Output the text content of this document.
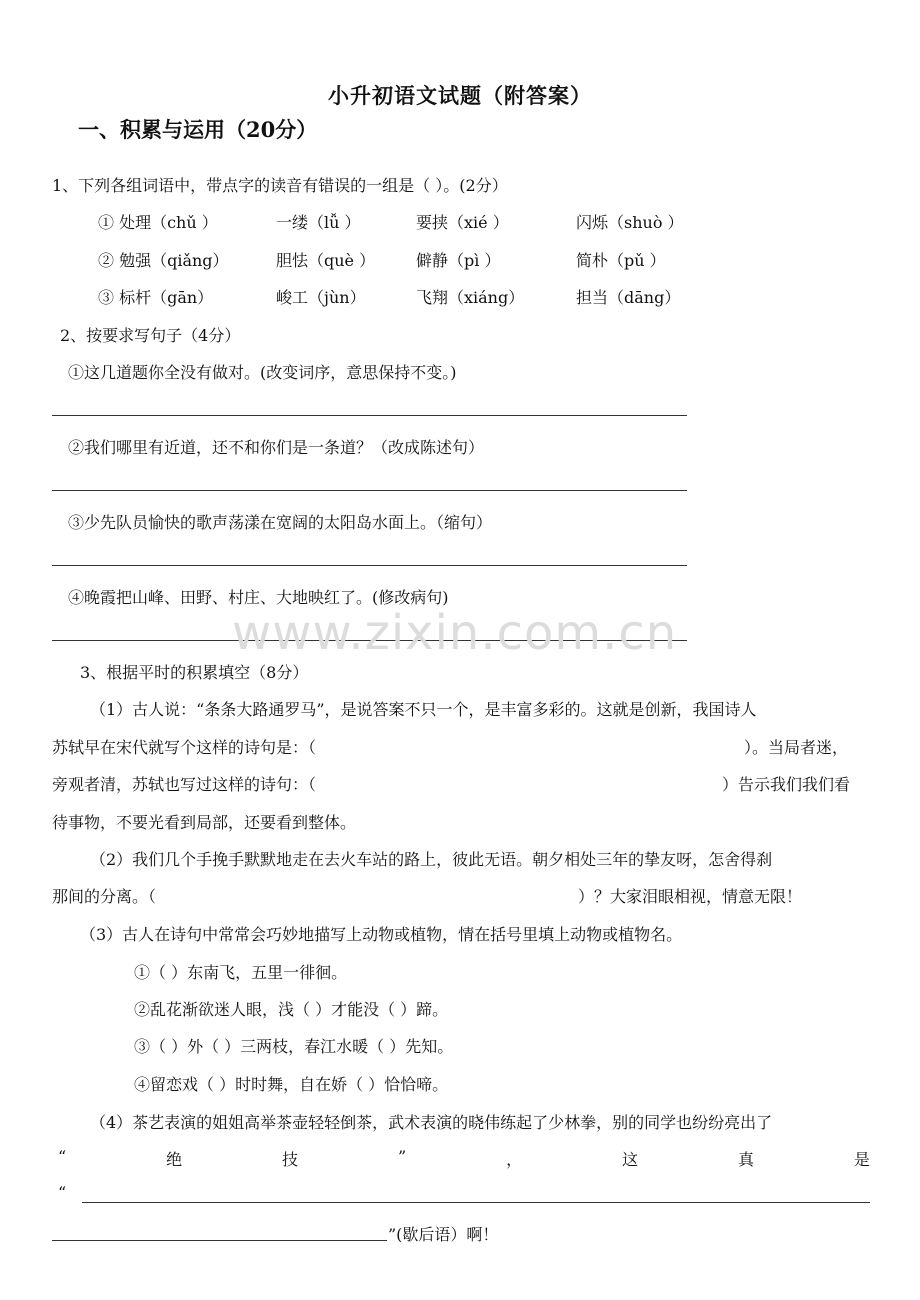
小升初语文试题（附答案）
一、积累与运用（20分）
1、下列各组词语中，带点字的读音有错误的一组是（ ）。(2分）
① 处理（chǔ ）	一缕（lǚ ）	要挟（xié ）	闪烁（shuò ）
② 勉强（qiǎng）	胆怯（què ）	僻静（pì ）	简朴（pǔ ）
③ 标杆（gān）	峻工（jùn）	飞翔（xiáng）	担当（dāng）
2、按要求写句子（4分）
①这几道题你全没有做对。(改变词序，意思保持不变。)
②我们哪里有近道，还不和你们是一条道？（改成陈述句）
③少先队员愉快的歌声荡漾在宽阔的太阳岛水面上。（缩句）
④晚霞把山峰、田野、村庄、大地映红了。(修改病句)
www.zixin.com.cn
3、根据平时的积累填空（8分）
（1）古人说：“条条大路通罗马”，是说答案不只一个，是丰富多彩的。这就是创新，我国诗人
苏轼早在宋代就写个这样的诗句是：（	）。当局者迷，
旁观者清，苏轼也写过这样的诗句：（	）告示我们我们看
待事物，不要光看到局部，还要看到整体。
（2）我们几个手挽手默默地走在去火车站的路上，彼此无语。朝夕相处三年的挚友呀，怎舍得刹
那间的分离。（	）？大家泪眼相视，情意无限！
（3）古人在诗句中常常会巧妙地描写上动物或植物，情在括号里填上动物或植物名。
①（ ）东南飞，五里一徘徊。
②乱花渐欲迷人眼，浅（ ）才能没（ ）蹄。
③（ ）外（ ）三两枝，春江水暖（ ）先知。
④留恋戏（ ）时时舞，自在娇（ ）恰恰啼。
（4）茶艺表演的姐姐高举茶壶轻轻倒茶，武术表演的晓伟练起了少林拳，别的同学也纷纷亮出了
“	绝	技	”	，	这	真	是
“
”(歇后语）啊！
